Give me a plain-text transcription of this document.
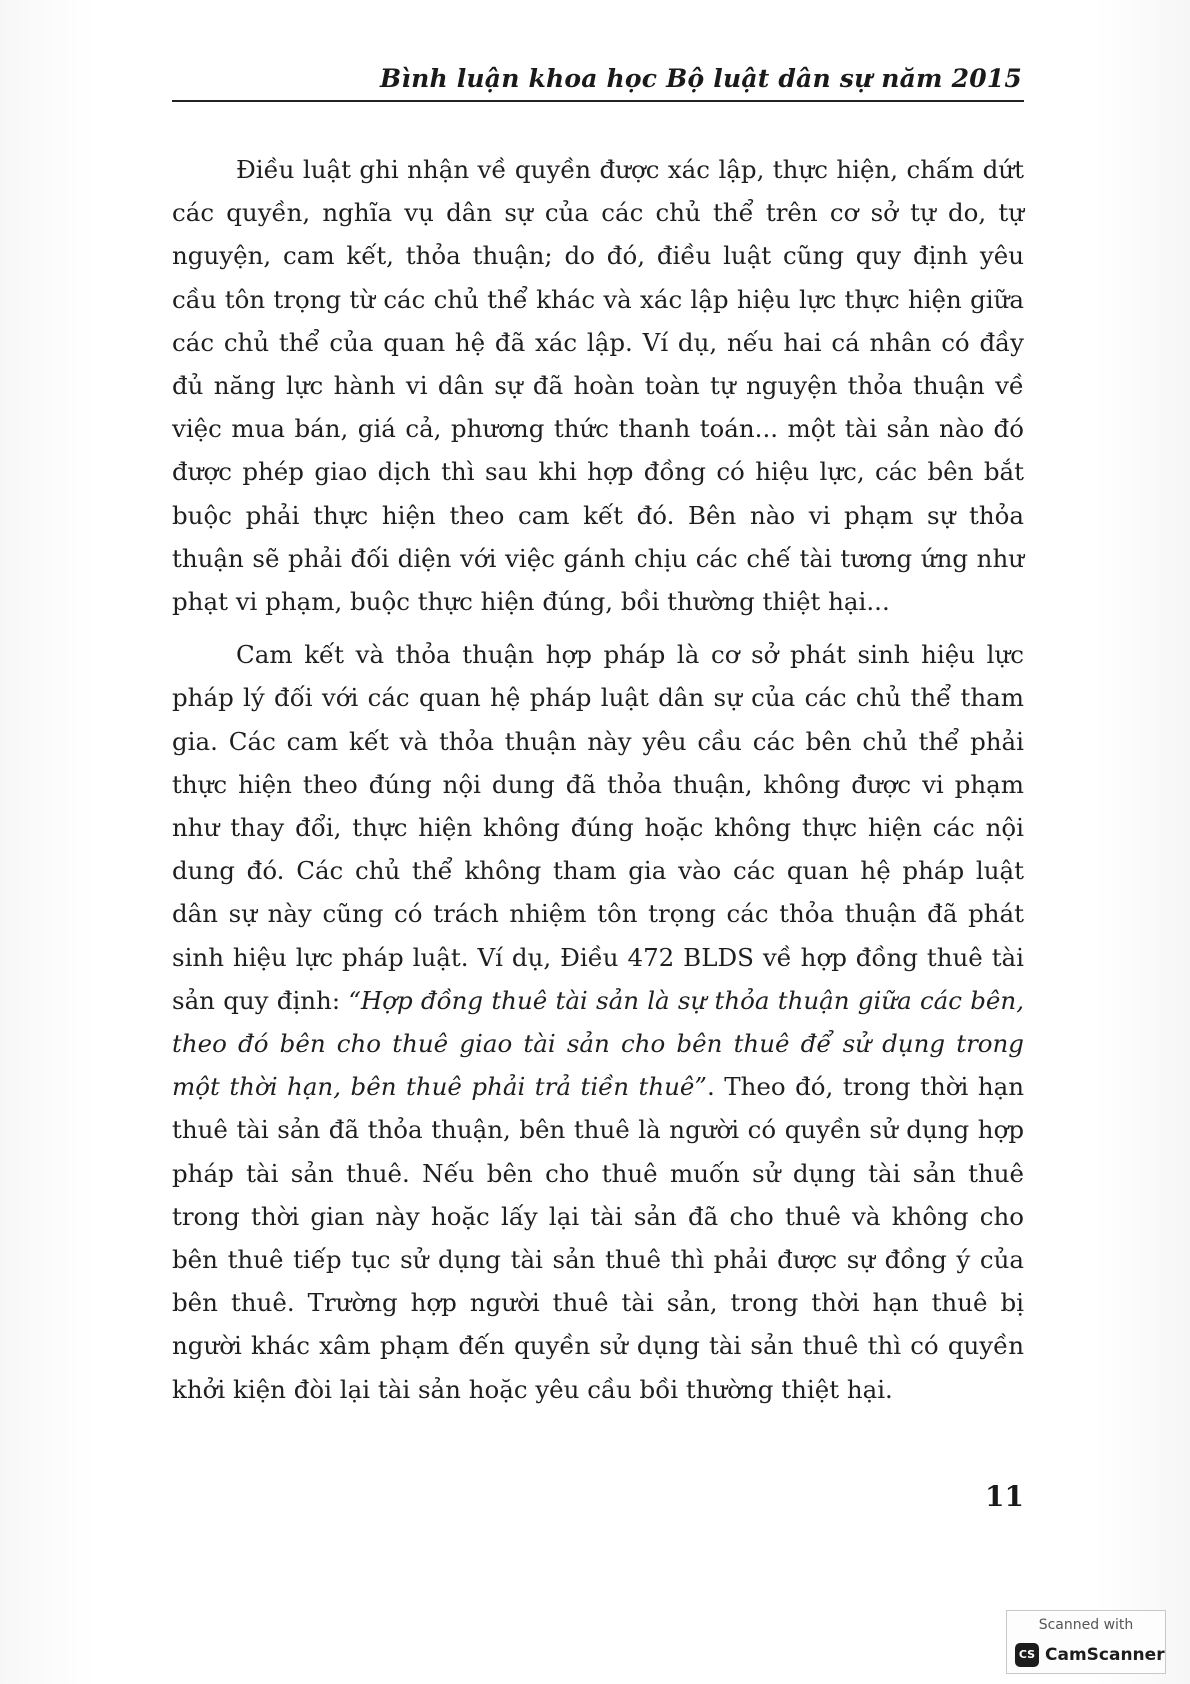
Bình luận khoa học Bộ luật dân sự năm 2015

Điều luật ghi nhận về quyền được xác lập, thực hiện, chấm dứt các quyền, nghĩa vụ dân sự của các chủ thể trên cơ sở tự do, tự nguyện, cam kết, thỏa thuận; do đó, điều luật cũng quy định yêu cầu tôn trọng từ các chủ thể khác và xác lập hiệu lực thực hiện giữa các chủ thể của quan hệ đã xác lập. Ví dụ, nếu hai cá nhân có đầy đủ năng lực hành vi dân sự đã hoàn toàn tự nguyện thỏa thuận về việc mua bán, giá cả, phương thức thanh toán... một tài sản nào đó được phép giao dịch thì sau khi hợp đồng có hiệu lực, các bên bắt buộc phải thực hiện theo cam kết đó. Bên nào vi phạm sự thỏa thuận sẽ phải đối diện với việc gánh chịu các chế tài tương ứng như phạt vi phạm, buộc thực hiện đúng, bồi thường thiệt hại...

Cam kết và thỏa thuận hợp pháp là cơ sở phát sinh hiệu lực pháp lý đối với các quan hệ pháp luật dân sự của các chủ thể tham gia. Các cam kết và thỏa thuận này yêu cầu các bên chủ thể phải thực hiện theo đúng nội dung đã thỏa thuận, không được vi phạm như thay đổi, thực hiện không đúng hoặc không thực hiện các nội dung đó. Các chủ thể không tham gia vào các quan hệ pháp luật dân sự này cũng có trách nhiệm tôn trọng các thỏa thuận đã phát sinh hiệu lực pháp luật. Ví dụ, Điều 472 BLDS về hợp đồng thuê tài sản quy định: “Hợp đồng thuê tài sản là sự thỏa thuận giữa các bên, theo đó bên cho thuê giao tài sản cho bên thuê để sử dụng trong một thời hạn, bên thuê phải trả tiền thuê”. Theo đó, trong thời hạn thuê tài sản đã thỏa thuận, bên thuê là người có quyền sử dụng hợp pháp tài sản thuê. Nếu bên cho thuê muốn sử dụng tài sản thuê trong thời gian này hoặc lấy lại tài sản đã cho thuê và không cho bên thuê tiếp tục sử dụng tài sản thuê thì phải được sự đồng ý của bên thuê. Trường hợp người thuê tài sản, trong thời hạn thuê bị người khác xâm phạm đến quyền sử dụng tài sản thuê thì có quyền khởi kiện đòi lại tài sản hoặc yêu cầu bồi thường thiệt hại.

11
Scanned with
CS CamScanner
